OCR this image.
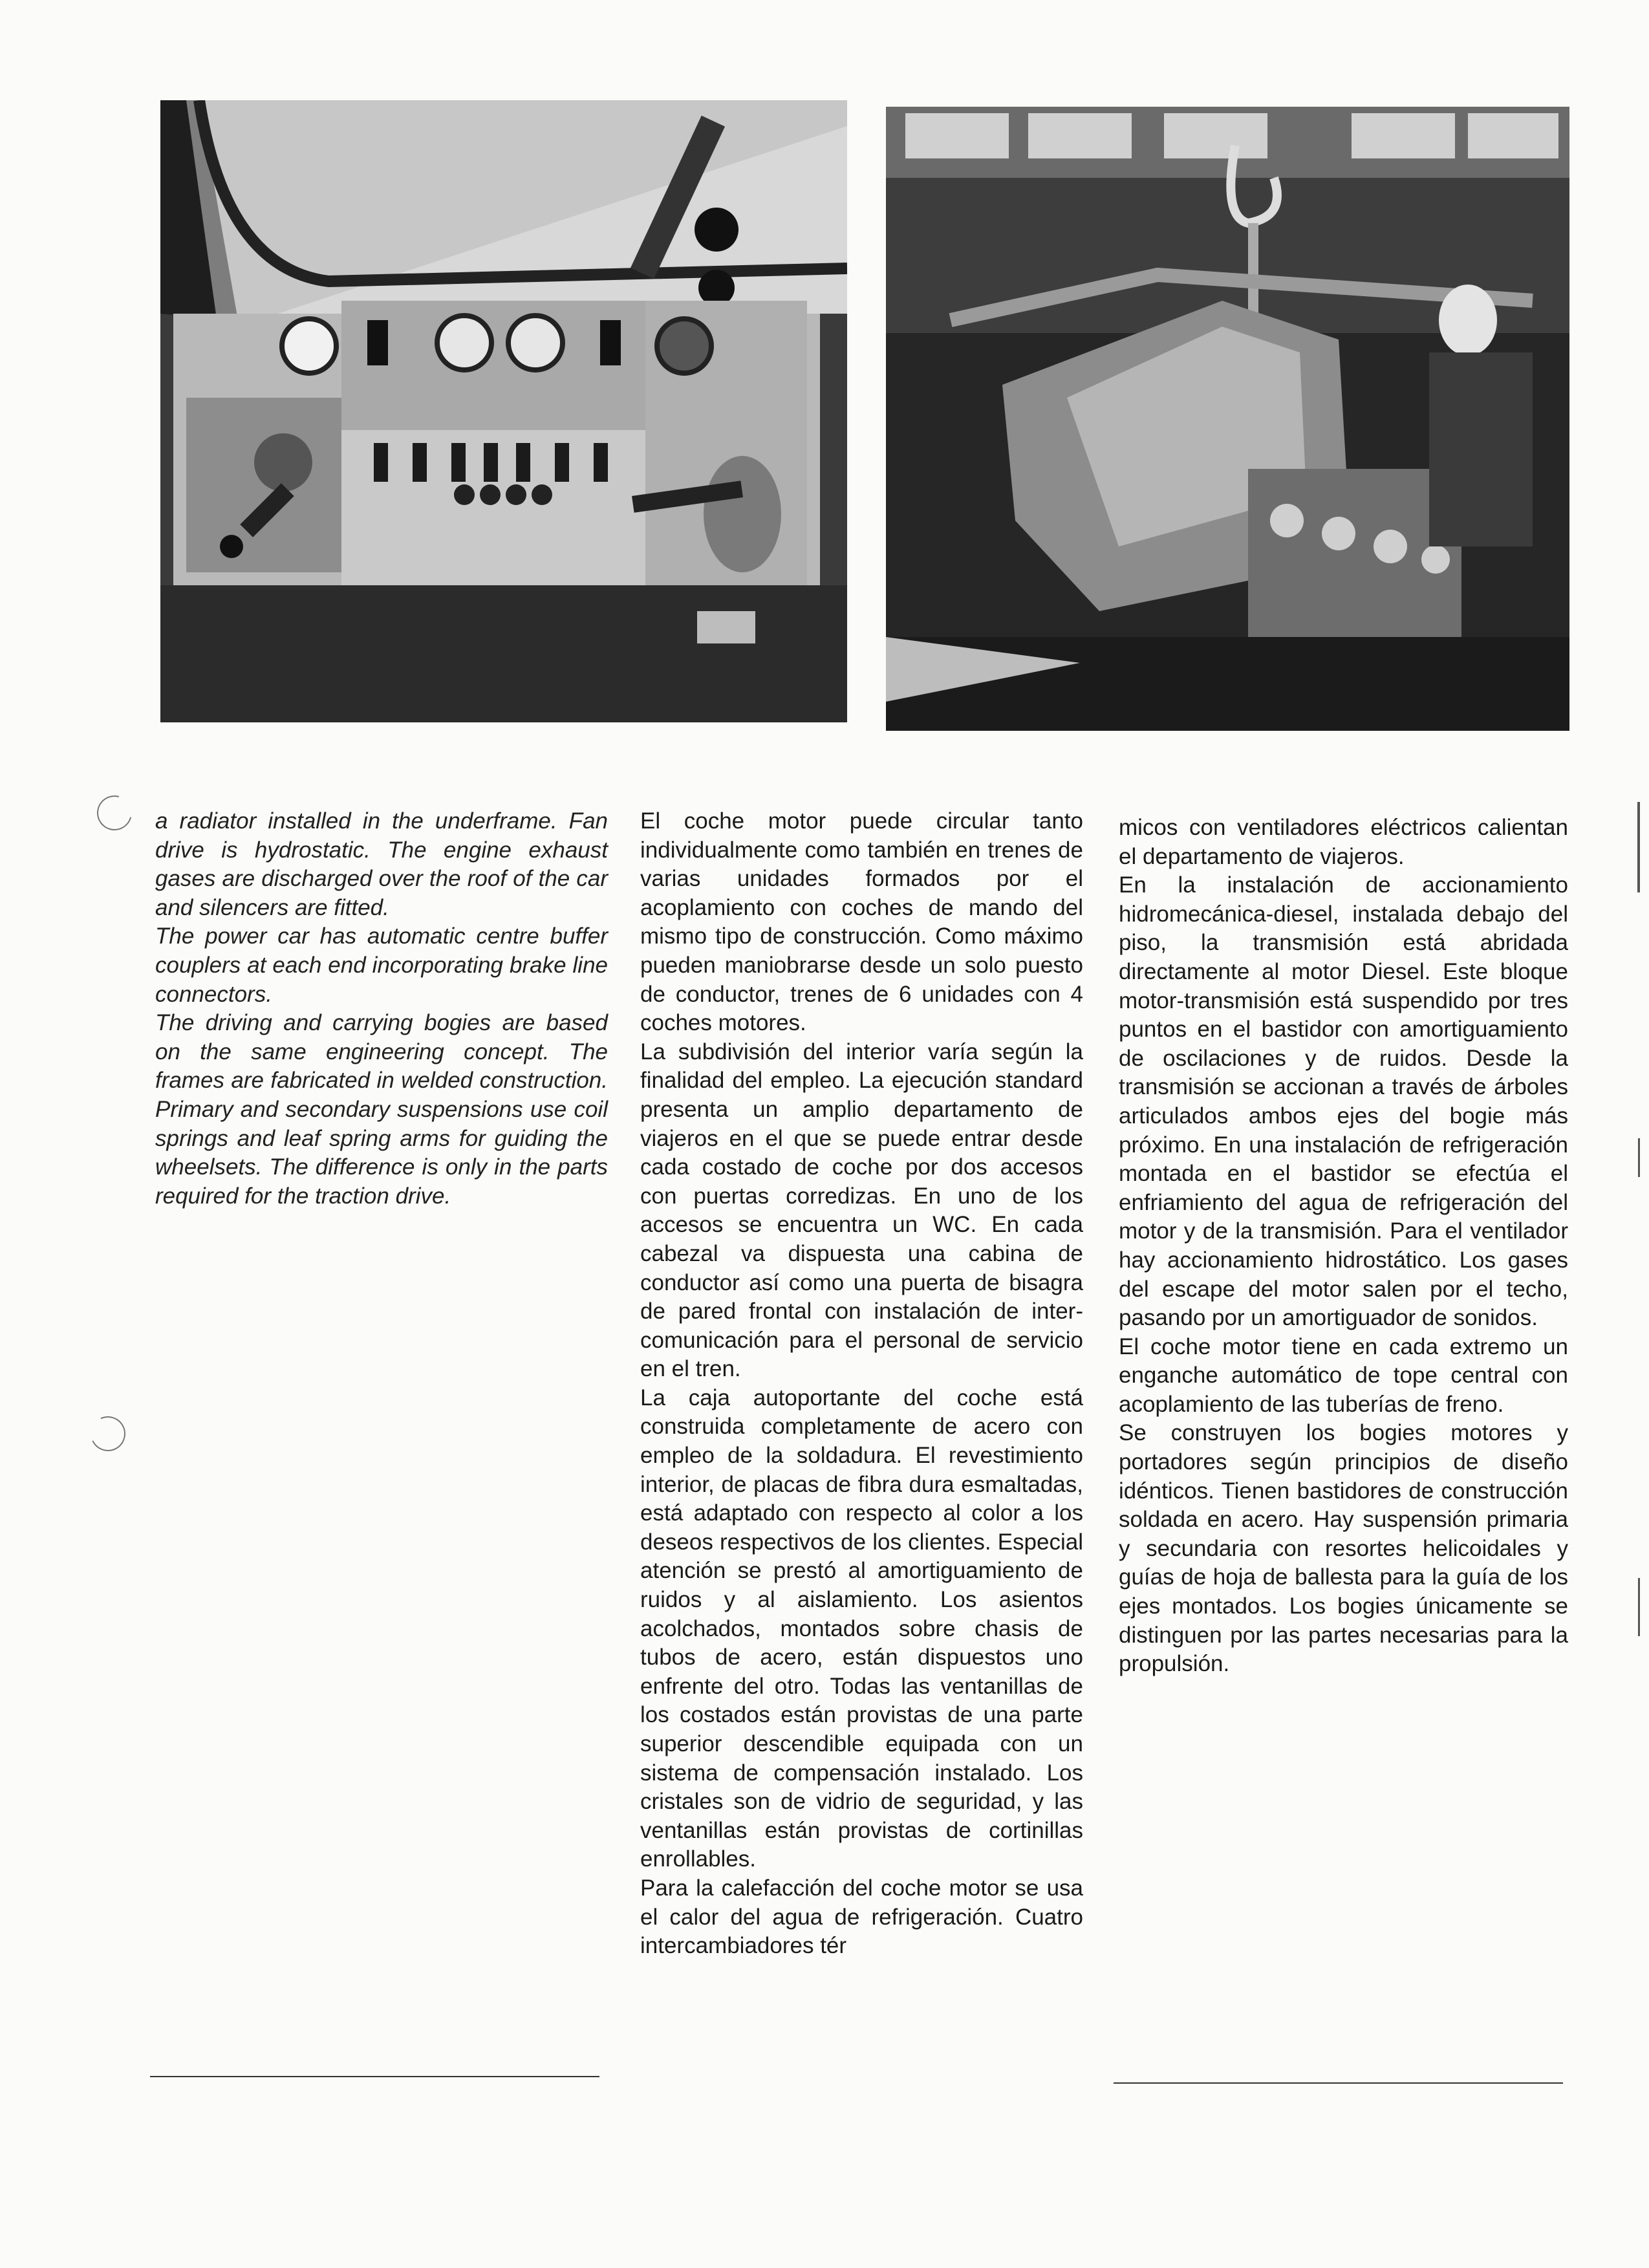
a radiator installed in the underframe. Fan drive is hydrostatic. The engine exhaust gases are discharged over the roof of the car and silencers are fitted.

The power car has automatic centre buffer couplers at each end incorporating brake line connectors.

The driving and carrying bogies are based on the same engineering concept. The frames are fabricated in welded construction. Primary and secondary suspensions use coil springs and leaf spring arms for guiding the wheelsets. The difference is only in the parts required for the traction drive.

El coche motor puede circular tanto individualmente como también en trenes de varias unidades formados por el acoplamiento con coches de mando del mismo tipo de construcción. Como máximo pueden maniobrarse desde un solo puesto de conductor, trenes de 6 unidades con 4 coches motores.

La subdivisión del interior varía según la finalidad del empleo. La ejecución standard presenta un amplio departamento de viajeros en el que se puede entrar desde cada costado de coche por dos accesos con puertas corredizas. En uno de los accesos se encuentra un WC. En cada cabezal va dispuesta una cabina de conductor así como una puerta de bisagra de pared frontal con instalación de intercomunicación para el personal de servicio en el tren.

La caja autoportante del coche está construida completamente de acero con empleo de la soldadura. El revestimiento interior, de placas de fibra dura esmaltadas, está adaptado con respecto al color a los deseos respectivos de los clientes. Especial atención se prestó al amortiguamiento de ruidos y al aislamiento. Los asientos acolchados, montados sobre chasis de tubos de acero, están dispuestos uno enfrente del otro. Todas las ventanillas de los costados están provistas de una parte superior descendible equipada con un sistema de compensación instalado. Los cristales son de vidrio de seguridad, y las ventanillas están provistas de cortinillas enrollables.

Para la calefacción del coche motor se usa el calor del agua de refrigeración. Cuatro intercambiadores tér

micos con ventiladores eléctricos calientan el departamento de viajeros.

En la instalación de accionamiento hidromecánica-diesel, instalada debajo del piso, la transmisión está abridada directamente al motor Diesel. Este bloque motor-transmisión está suspendido por tres puntos en el bastidor con amortiguamiento de oscilaciones y de ruidos. Desde la transmisión se accionan a través de árboles articulados ambos ejes del bogie más próximo. En una instalación de refrigeración montada en el bastidor se efectúa el enfriamiento del agua de refrigeración del motor y de la transmisión. Para el ventilador hay accionamiento hidrostático. Los gases del escape del motor salen por el techo, pasando por un amortiguador de sonidos.

El coche motor tiene en cada extremo un enganche automático de tope central con acoplamiento de las tuberías de freno.

Se construyen los bogies motores y portadores según principios de diseño idénticos. Tienen bastidores de construcción soldada en acero. Hay suspensión primaria y secundaria con resortes helicoidales y guías de hoja de ballesta para la guía de los ejes montados. Los bogies únicamente se distinguen por las partes necesarias para la propulsión.
